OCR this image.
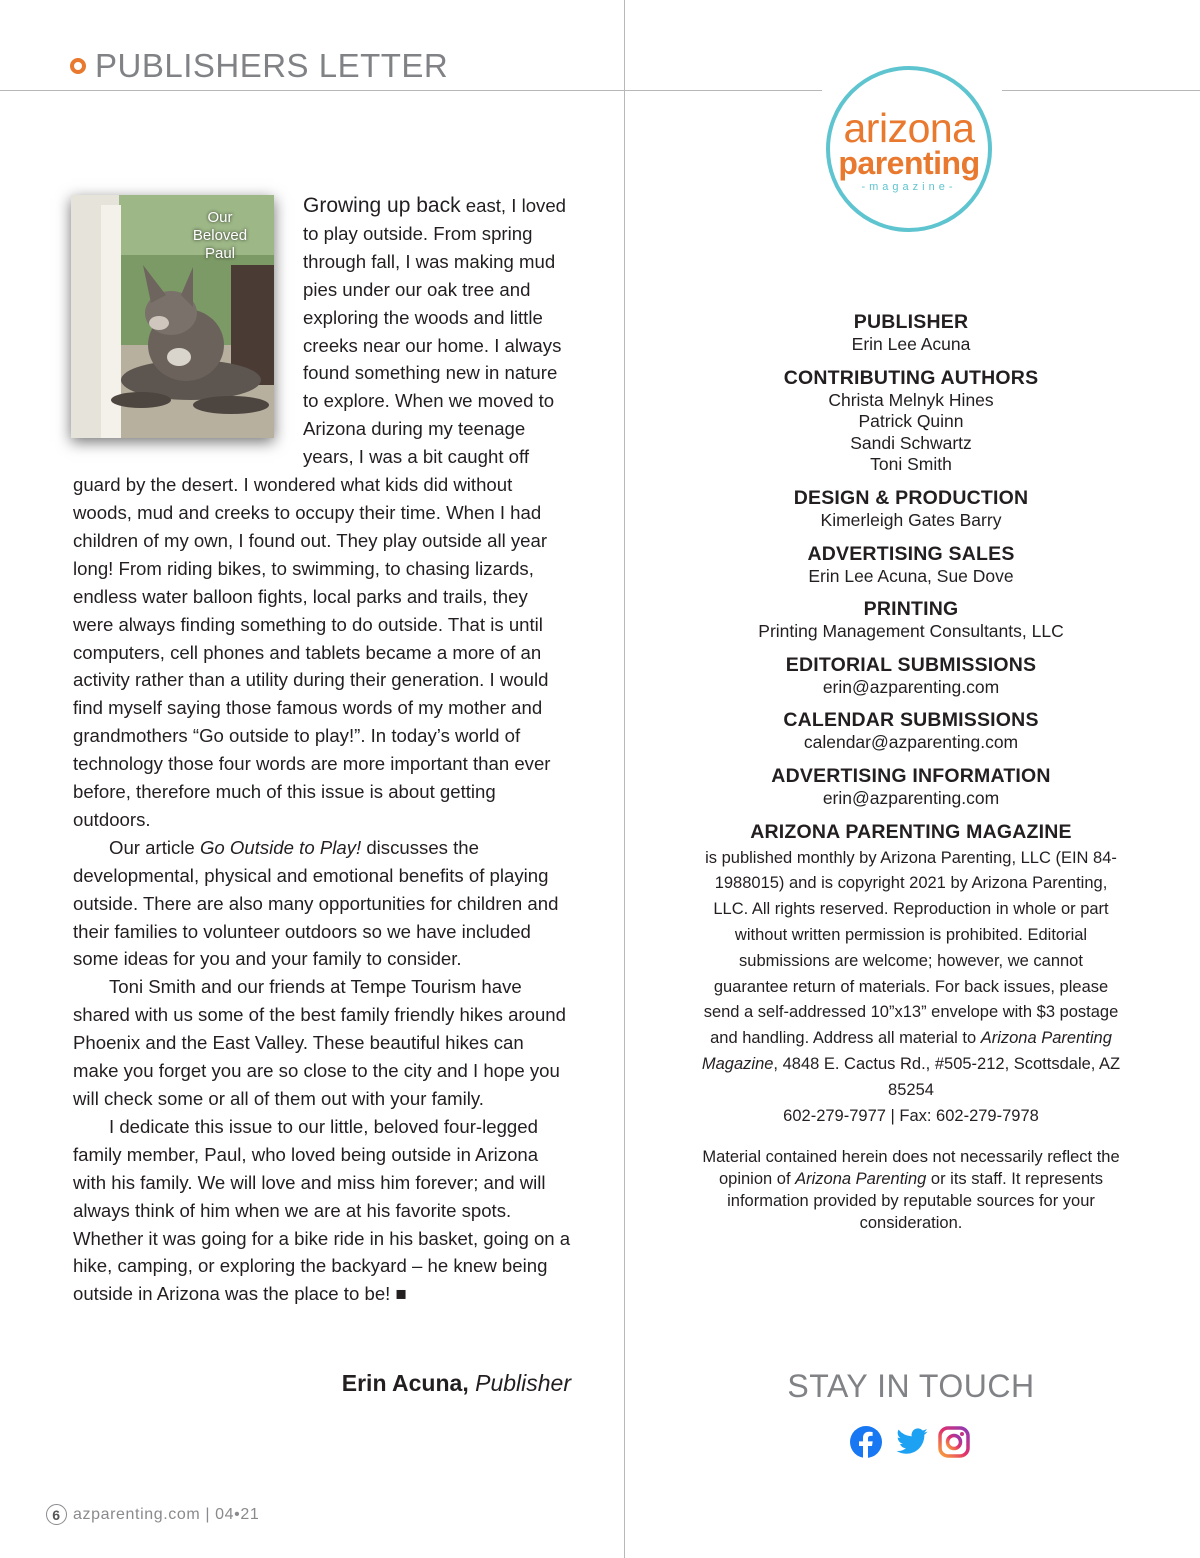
PUBLISHERS LETTER
Our
Beloved
Paul

Growing up back east, I loved to play outside. From spring through fall, I was making mud pies under our oak tree and exploring the woods and little creeks near our home. I always found something new in nature to explore. When we moved to Arizona during my teenage years, I was a bit caught off guard by the desert. I wondered what kids did without woods, mud and creeks to occupy their time. When I had children of my own, I found out. They play outside all year long! From riding bikes, to swimming, to chasing lizards, endless water balloon fights, local parks and trails, they were always finding something to do outside. That is until computers, cell phones and tablets became a more of an activity rather than a utility during their generation. I would find myself saying those famous words of my mother and grandmothers “Go outside to play!”. In today’s world of technology those four words are more important than ever before, therefore much of this issue is about getting outdoors.

Our article Go Outside to Play! discusses the developmental, physical and emotional benefits of playing outside. There are also many opportunities for children and their families to volunteer outdoors so we have included some ideas for you and your family to consider.

Toni Smith and our friends at Tempe Tourism have shared with us some of the best family friendly hikes around Phoenix and the East Valley. These beautiful hikes can make you forget you are so close to the city and I hope you will check some or all of them out with your family.

I dedicate this issue to our little, beloved four-legged family member, Paul, who loved being outside in Arizona with his family. We will love and miss him forever; and will always think of him when we are at his favorite spots. Whether it was going for a bike ride in his basket, going on a hike, camping, or exploring the backyard – he knew being outside in Arizona was the place to be! ■

Erin Acuna, Publisher
6 azparenting.com | 04•21
arizona
parenting
-magazine-
PUBLISHER
Erin Lee Acuna
CONTRIBUTING AUTHORS
Christa Melnyk Hines
Patrick Quinn
Sandi Schwartz
Toni Smith
DESIGN & PRODUCTION
Kimerleigh Gates Barry
ADVERTISING SALES
Erin Lee Acuna, Sue Dove
PRINTING
Printing Management Consultants, LLC
EDITORIAL SUBMISSIONS
erin@azparenting.com
CALENDAR SUBMISSIONS
calendar@azparenting.com
ADVERTISING INFORMATION
erin@azparenting.com
ARIZONA PARENTING MAGAZINE
is published monthly by Arizona Parenting, LLC (EIN 84-1988015) and is copyright 2021 by Arizona Parenting, LLC. All rights reserved. Reproduction in whole or part without written permission is prohibited. Editorial submissions are welcome; however, we cannot guarantee return of materials. For back issues, please send a self-addressed 10”x13” envelope with $3 postage and handling. Address all material to Arizona Parenting Magazine, 4848 E. Cactus Rd., #505-212, Scottsdale, AZ 85254
602-279-7977 | Fax: 602-279-7978
Material contained herein does not necessarily reflect the opinion of Arizona Parenting or its staff. It represents information provided by reputable sources for your consideration.
STAY IN TOUCH
